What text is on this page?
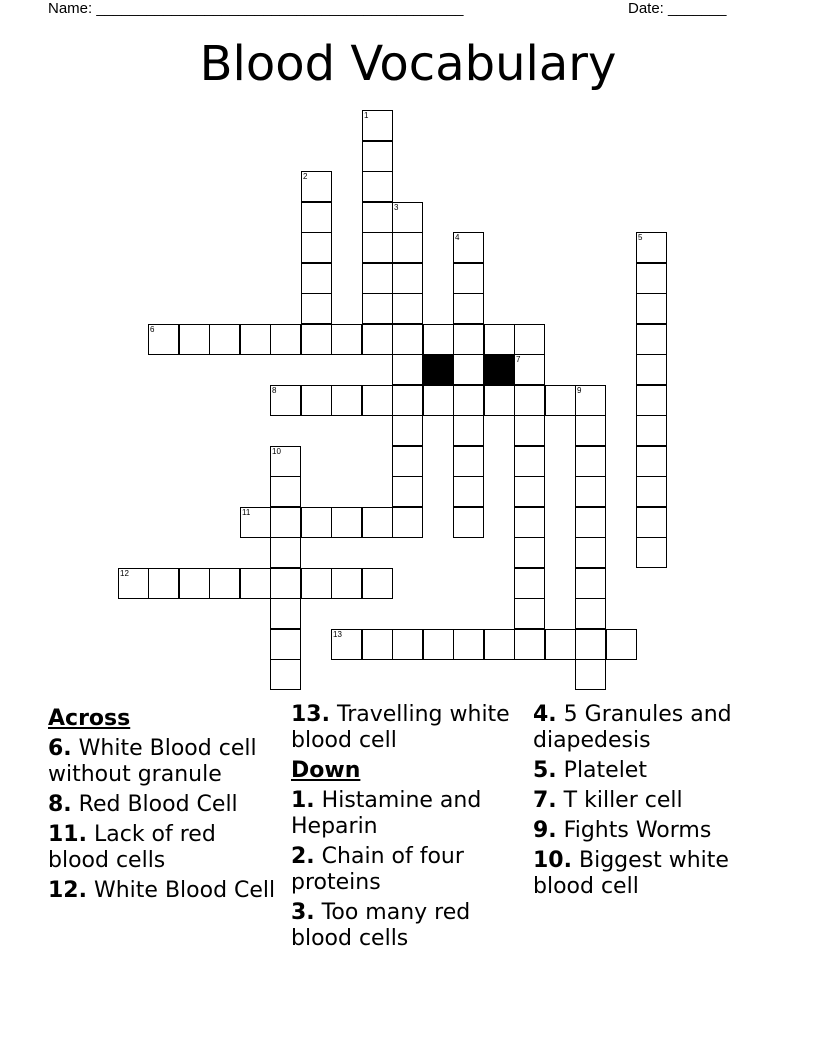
Name: ____________________________________________	Date: _______
Blood Vocabulary
1
2
3
4	5
6
7
8	9
10
11
12
13
Across
6. White Blood cell without granule
8. Red Blood Cell
11. Lack of red blood cells
12. White Blood Cell
13. Travelling white blood cell
Down
1. Histamine and Heparin
2. Chain of four proteins
3. Too many red blood cells
4. 5 Granules and diapedesis
5. Platelet
7. T killer cell
9. Fights Worms
10. Biggest white blood cell
